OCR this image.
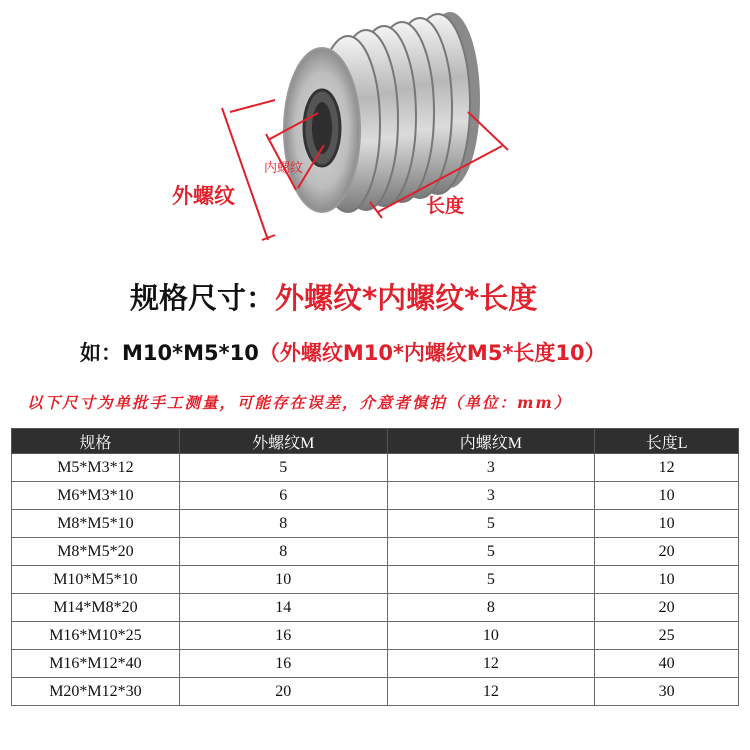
外螺纹
内螺纹
长度
规格尺寸：外螺纹*内螺纹*长度
如：M10*M5*10（外螺纹M10*内螺纹M5*长度10）
以下尺寸为单批手工测量，可能存在误差，介意者慎拍（单位：mm）
规格	外螺纹M	内螺纹M	长度L
M5*M3*12	5	3	12
M6*M3*10	6	3	10
M8*M5*10	8	5	10
M8*M5*20	8	5	20
M10*M5*10	10	5	10
M14*M8*20	14	8	20
M16*M10*25	16	10	25
M16*M12*40	16	12	40
M20*M12*30	20	12	30
